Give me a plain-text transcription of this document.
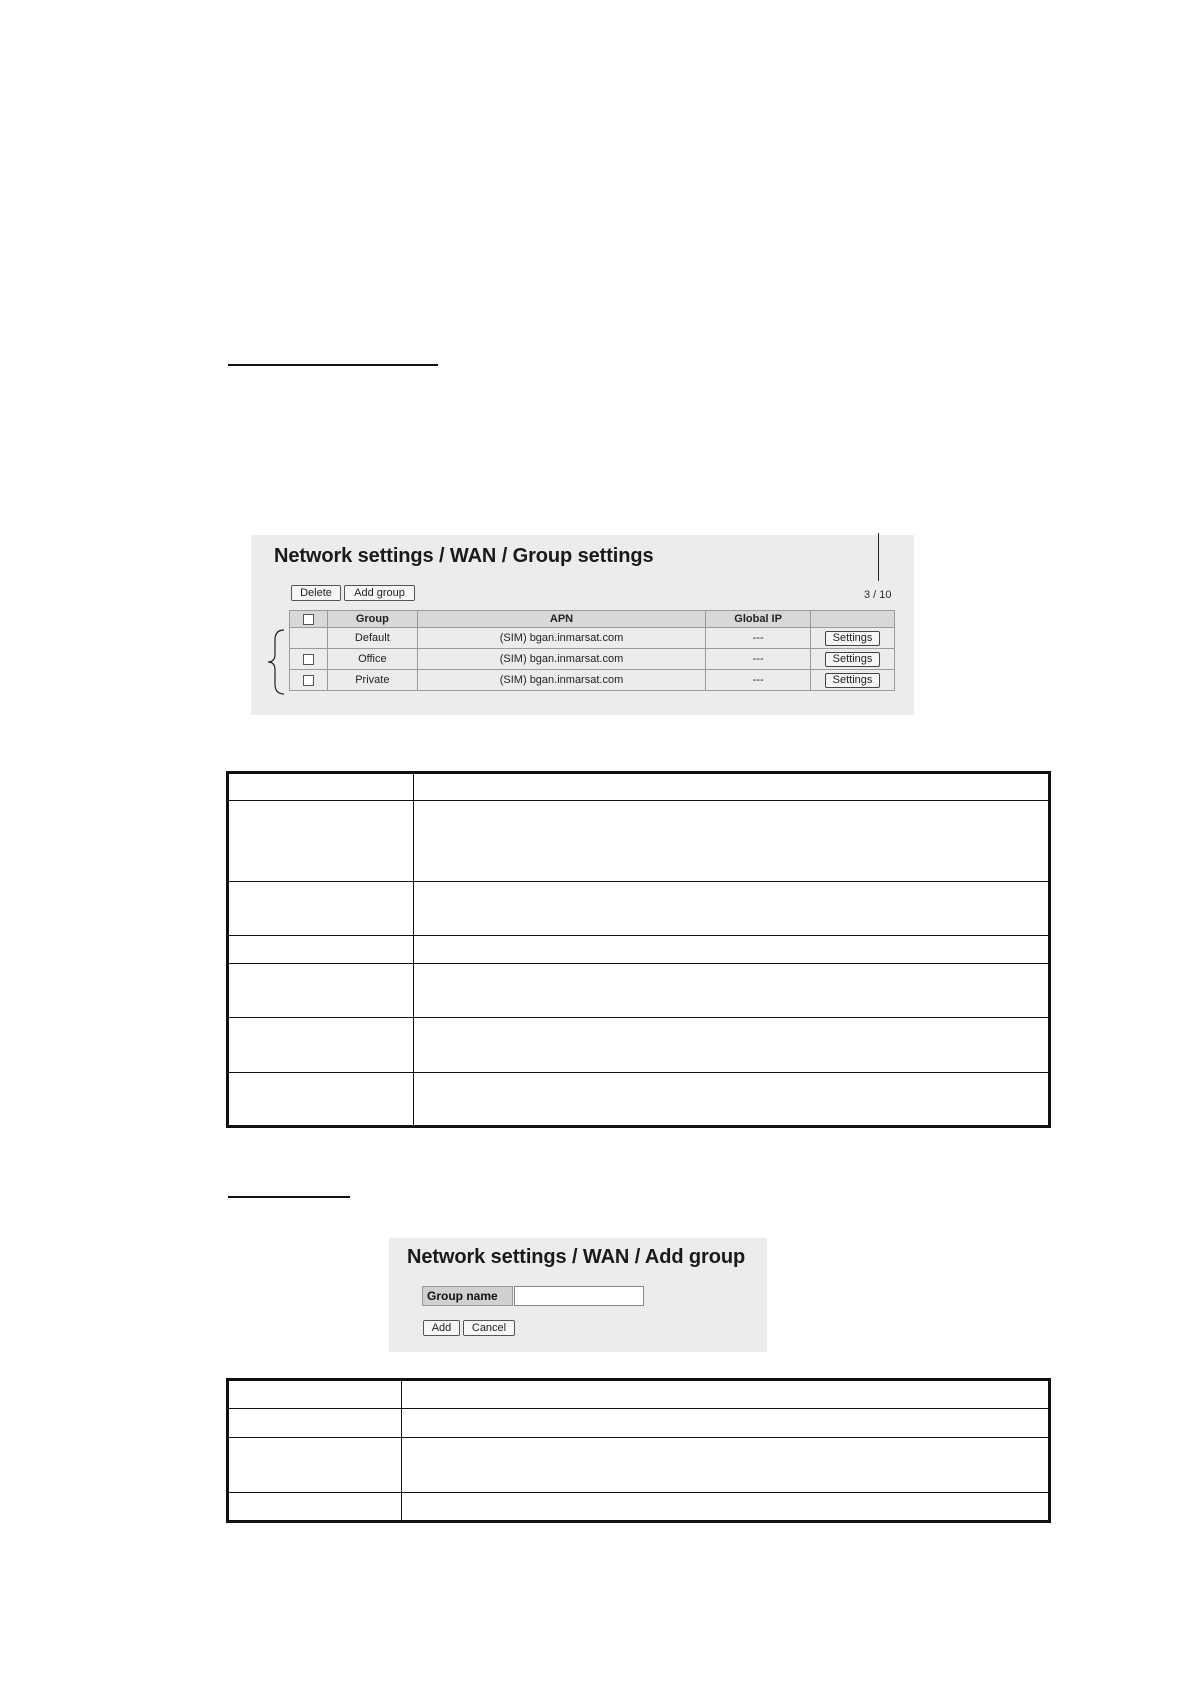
Network settings / WAN / Group settings
Delete	Add group	3 / 10
	Group	APN	Global IP	
	Default	(SIM) bgan.inmarsat.com	---	Settings
	Office	(SIM) bgan.inmarsat.com	---	Settings
	Private	(SIM) bgan.inmarsat.com	---	Settings

Network settings / WAN / Add group
Group name
Add	Cancel
